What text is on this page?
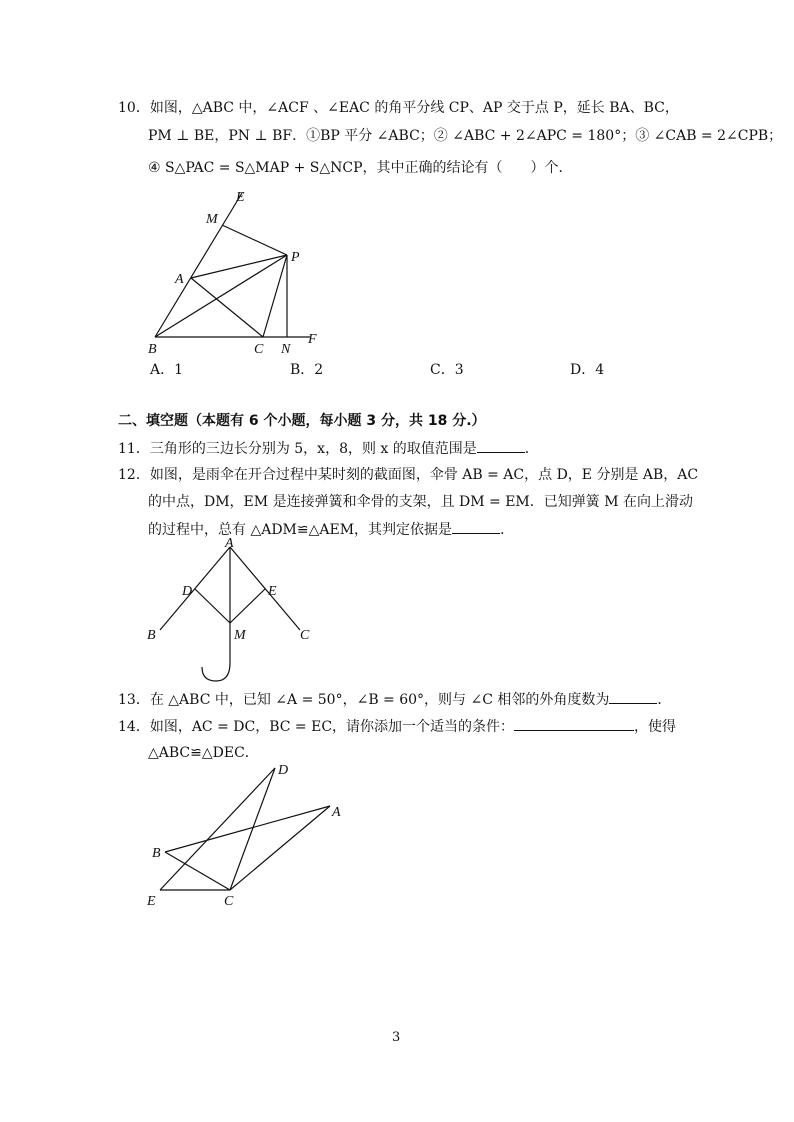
10．如图，△ABC 中，∠ACF 、∠EAC 的角平分线 CP、AP 交于点 P，延长 BA、BC，
PM ⊥ BE，PN ⊥ BF．①BP 平分 ∠ABC；② ∠ABC + 2∠APC = 180°；③ ∠CAB = 2∠CPB；
④ S△PAC = S△MAP + S△NCP，其中正确的结论有（　　）个．
E
M
P
A
B	C N
F
A．1	B．2	C．3	D．4
二、填空题（本题有 6 个小题，每小题 3 分，共 18 分.）
11．三角形的三边长分别为 5，x，8，则 x 的取值范围是	．
12．如图，是雨伞在开合过程中某时刻的截面图，伞骨 AB = AC，点 D，E 分别是 AB，AC
的中点，DM，EM 是连接弹簧和伞骨的支架，且 DM = EM．已知弹簧 M 在向上滑动
的过程中，总有 △ADM≌△AEM，其判定依据是	．
A
D	E
B	M	C
13．在 △ABC 中，已知 ∠A = 50°，∠B = 60°，则与 ∠C 相邻的外角度数为	．
14．如图，AC = DC，BC = EC，请你添加一个适当的条件：	，使得
△ABC≌△DEC．
D
A
B
E	C
3
